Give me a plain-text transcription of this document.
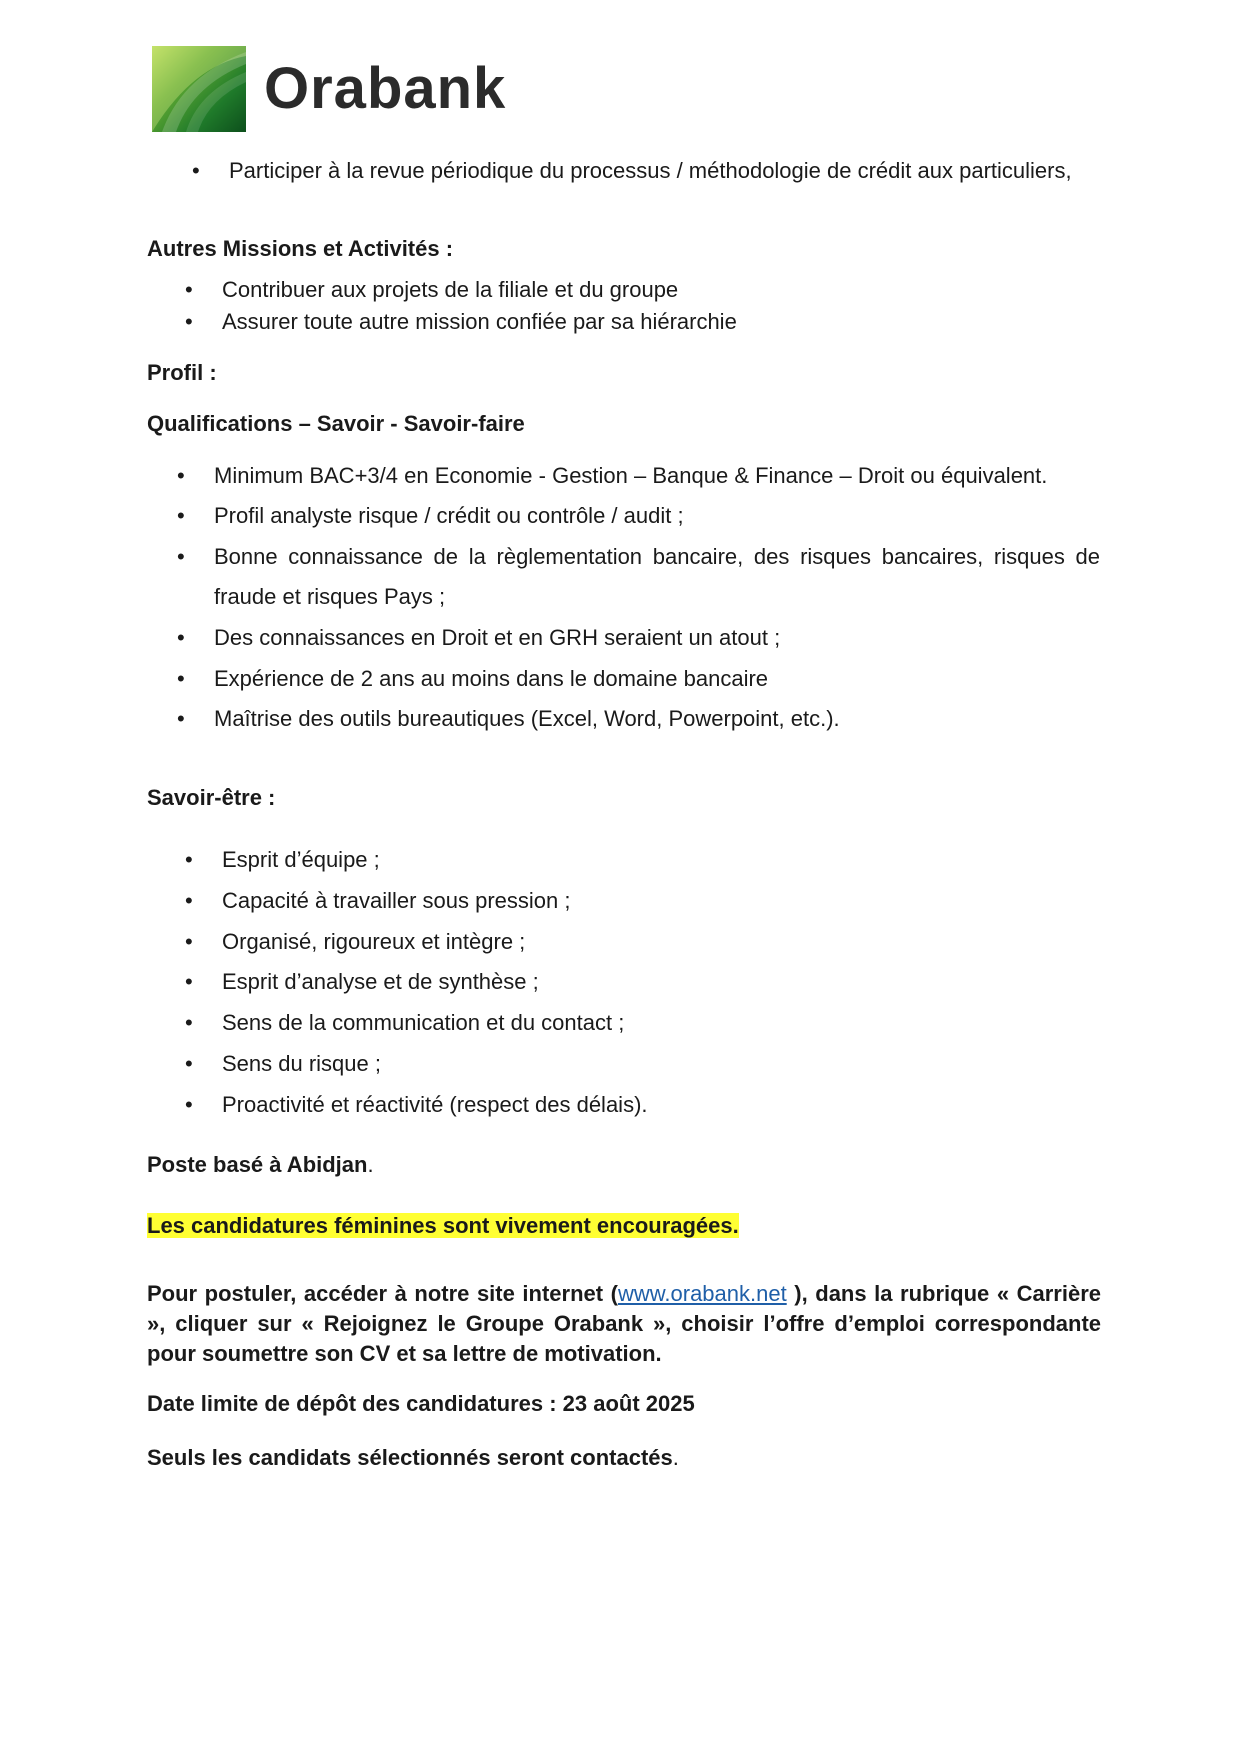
Orabank
• Participer à la revue périodique du processus / méthodologie de crédit aux particuliers,
Autres Missions et Activités :
• Contribuer aux projets de la filiale et du groupe
• Assurer toute autre mission confiée par sa hiérarchie
Profil :
Qualifications – Savoir - Savoir-faire
• Minimum BAC+3/4 en Economie - Gestion – Banque & Finance – Droit ou équivalent.
• Profil analyste risque / crédit ou contrôle / audit ;
• Bonne connaissance de la règlementation bancaire, des risques bancaires, risques de fraude et risques Pays ;
• Des connaissances en Droit et en GRH seraient un atout ;
• Expérience de 2 ans au moins dans le domaine bancaire
• Maîtrise des outils bureautiques (Excel, Word, Powerpoint, etc.).
Savoir-être :
• Esprit d’équipe ;
• Capacité à travailler sous pression ;
• Organisé, rigoureux et intègre ;
• Esprit d’analyse et de synthèse ;
• Sens de la communication et du contact ;
• Sens du risque ;
• Proactivité et réactivité (respect des délais).
Poste basé à Abidjan.
Les candidatures féminines sont vivement encouragées.
Pour postuler, accéder à notre site internet (www.orabank.net ), dans la rubrique « Carrière », cliquer sur « Rejoignez le Groupe Orabank », choisir l’offre d’emploi correspondante pour soumettre son CV et sa lettre de motivation.
Date limite de dépôt des candidatures : 23 août 2025
Seuls les candidats sélectionnés seront contactés.
